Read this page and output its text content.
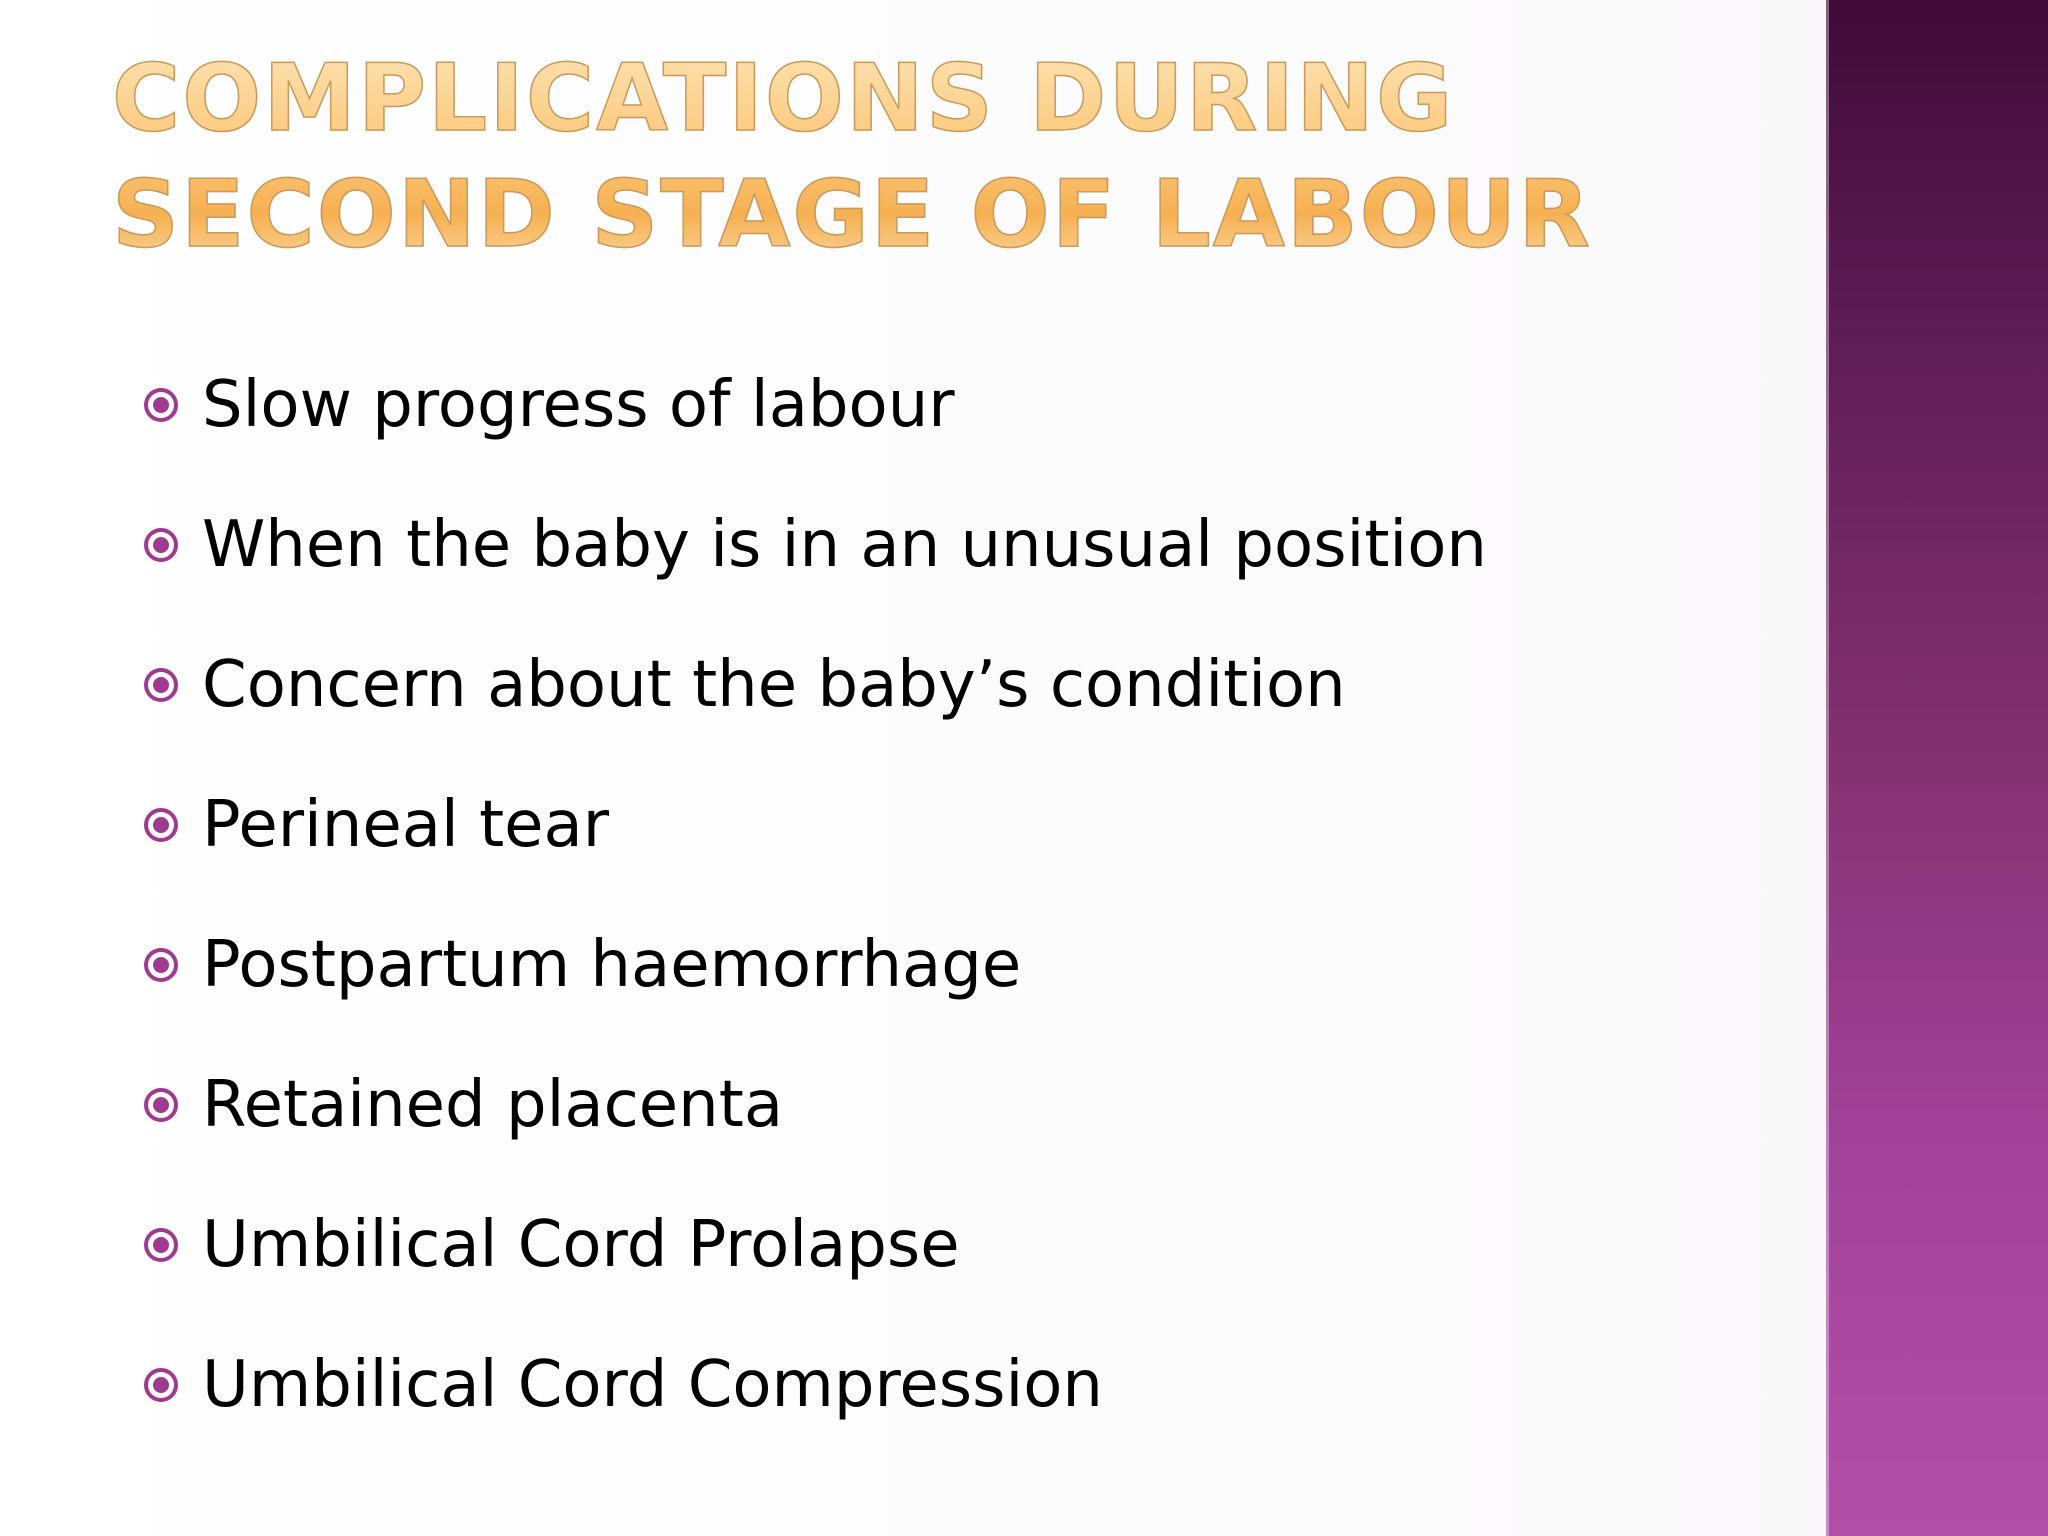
COMPLICATIONS DURING SECOND STAGE OF LABOUR
Slow progress of labour
When the baby is in an unusual position
Concern about the baby’s condition
Perineal tear
Postpartum haemorrhage
Retained placenta
Umbilical Cord Prolapse
Umbilical Cord Compression
